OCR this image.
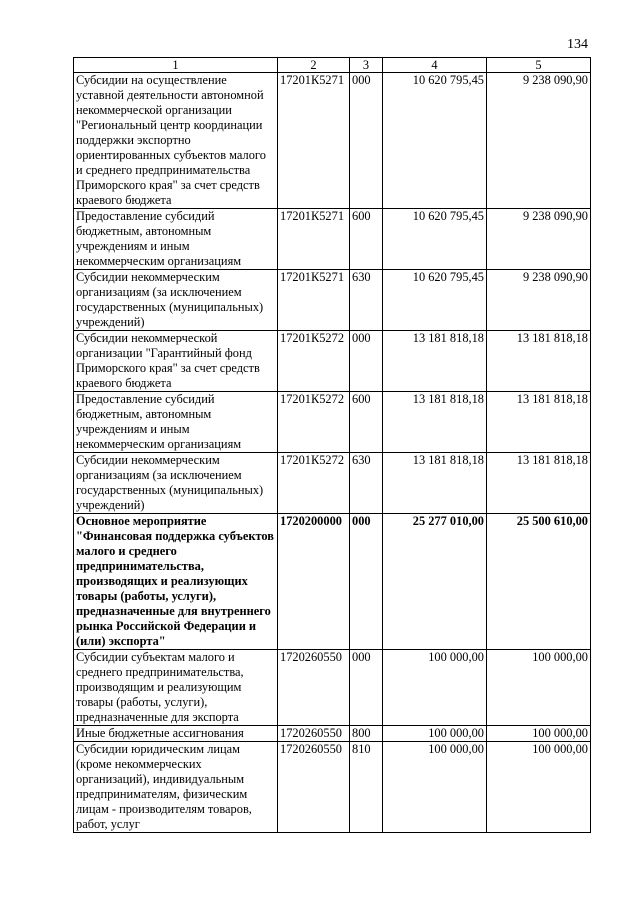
134
1	2	3	4	5
Субсидии на осуществление уставной деятельности автономной некоммерческой организации "Региональный центр координации поддержки экспортно ориентированных субъектов малого и среднего предпринимательства Приморского края" за счет средств краевого бюджета	17201К5271	000	10 620 795,45	9 238 090,90
Предоставление субсидий бюджетным, автономным учреждениям и иным некоммерческим организациям	17201К5271	600	10 620 795,45	9 238 090,90
Субсидии некоммерческим организациям (за исключением государственных (муниципальных) учреждений)	17201К5271	630	10 620 795,45	9 238 090,90
Субсидии некоммерческой организации "Гарантийный фонд Приморского края" за счет средств краевого бюджета	17201К5272	000	13 181 818,18	13 181 818,18
Предоставление субсидий бюджетным, автономным учреждениям и иным некоммерческим организациям	17201К5272	600	13 181 818,18	13 181 818,18
Субсидии некоммерческим организациям (за исключением государственных (муниципальных) учреждений)	17201К5272	630	13 181 818,18	13 181 818,18
Основное мероприятие "Финансовая поддержка субъектов малого и среднего предпринимательства, производящих и реализующих товары (работы, услуги), предназначенные для внутреннего рынка Российской Федерации и (или) экспорта"	1720200000	000	25 277 010,00	25 500 610,00
Субсидии субъектам малого и среднего предпринимательства, производящим и реализующим товары (работы, услуги), предназначенные для экспорта	1720260550	000	100 000,00	100 000,00
Иные бюджетные ассигнования	1720260550	800	100 000,00	100 000,00
Субсидии юридическим лицам (кроме некоммерческих организаций), индивидуальным предпринимателям, физическим лицам - производителям товаров, работ, услуг	1720260550	810	100 000,00	100 000,00
